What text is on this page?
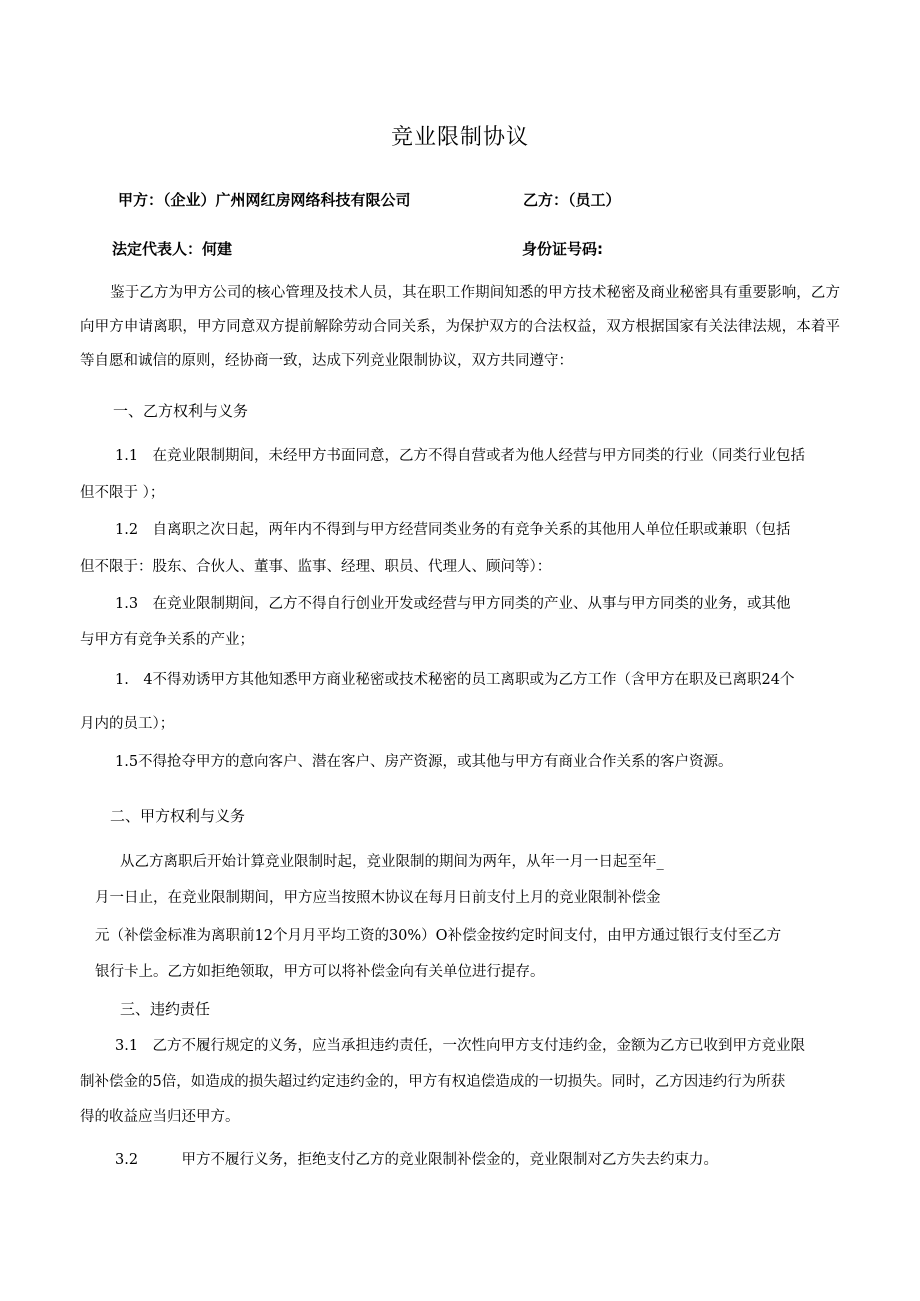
竞业限制协议
甲方：（企业）广州网红房网络科技有限公司	乙方：（员工）
法定代表人：何建	身份证号码:
鉴于乙方为甲方公司的核心管理及技术人员，其在职工作期间知悉的甲方技术秘密及商业秘密具有重要影响，乙方向甲方申请离职，甲方同意双方提前解除劳动合同关系，为保护双方的合法权益，双方根据国家有关法律法规，本着平等自愿和诚信的原则，经协商一致，达成下列竞业限制协议，双方共同遵守：
一、乙方权利与义务
1.1　在竞业限制期间，未经甲方书面同意，乙方不得自营或者为他人经营与甲方同类的行业（同类行业包括
但不限于 ）；
1.2　自离职之次日起，两年内不得到与甲方经营同类业务的有竞争关系的其他用人单位任职或兼职（包括
但不限于：股东、合伙人、董事、监事、经理、职员、代理人、顾问等）：
1.3　在竞业限制期间，乙方不得自行创业开发或经营与甲方同类的产业、从事与甲方同类的业务，或其他
与甲方有竞争关系的产业；
1.　4不得劝诱甲方其他知悉甲方商业秘密或技术秘密的员工离职或为乙方工作（含甲方在职及已离职24个
月内的员工）；
1.5不得抢夺甲方的意向客户、潜在客户、房产资源，或其他与甲方有商业合作关系的客户资源。
二、甲方权利与义务
从乙方离职后开始计算竞业限制时起，竞业限制的期间为两年，从年一月一日起至年_
月一日止，在竞业限制期间，甲方应当按照木协议在每月日前支付上月的竞业限制补偿金
元（补偿金标准为离职前12个月月平均工资的30%）O补偿金按约定时间支付，由甲方通过银行支付至乙方
银行卡上。乙方如拒绝领取，甲方可以将补偿金向有关单位进行提存。
三、违约责任
3.1　乙方不履行规定的义务，应当承担违约责任，一次性向甲方支付违约金，金额为乙方已收到甲方竞业限
制补偿金的5倍，如造成的损失超过约定违约金的，甲方有权追偿造成的一切损失。同时，乙方因违约行为所获
得的收益应当归还甲方。
3.2　　　甲方不履行义务，拒绝支付乙方的竞业限制补偿金的，竞业限制对乙方失去约束力。
